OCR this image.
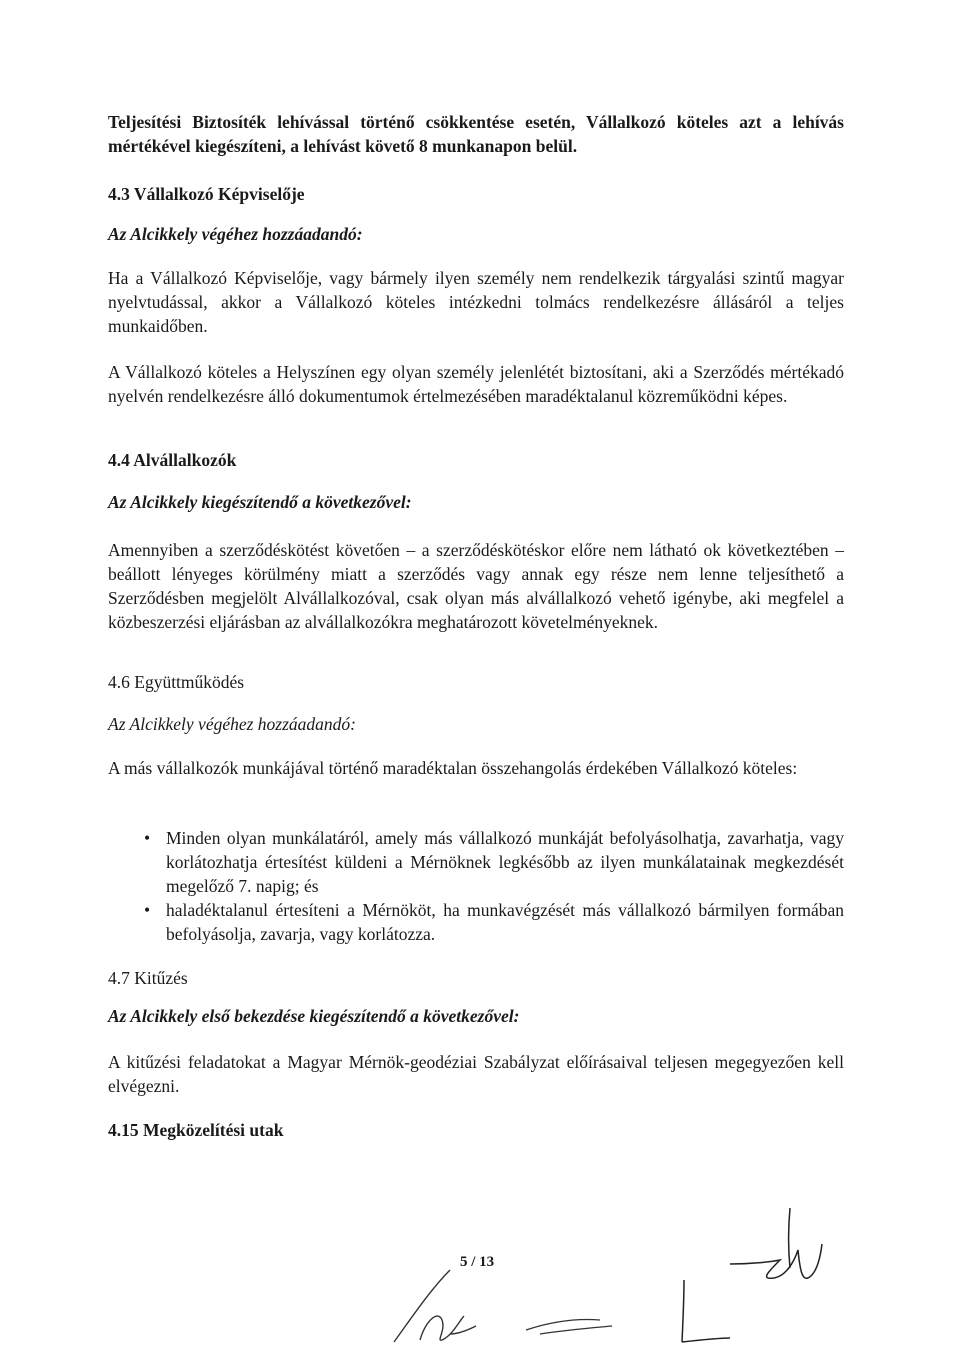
Teljesítési Biztosíték lehívással történő csökkentése esetén, Vállalkozó köteles azt a lehívás mértékével kiegészíteni, a lehívást követő 8 munkanapon belül.

4.3 Vállalkozó Képviselője

Az Alcikkely végéhez hozzáadandó:

Ha a Vállalkozó Képviselője, vagy bármely ilyen személy nem rendelkezik tárgyalási szintű magyar nyelvtudással, akkor a Vállalkozó köteles intézkedni tolmács rendelkezésre állásáról a teljes munkaidőben.

A Vállalkozó köteles a Helyszínen egy olyan személy jelenlétét biztosítani, aki a Szerződés mértékadó nyelvén rendelkezésre álló dokumentumok értelmezésében maradéktalanul közreműködni képes.

4.4 Alvállalkozók

Az Alcikkely kiegészítendő a következővel:

Amennyiben a szerződéskötést követően – a szerződéskötéskor előre nem látható ok következtében – beállott lényeges körülmény miatt a szerződés vagy annak egy része nem lenne teljesíthető a Szerződésben megjelölt Alvállalkozóval, csak olyan más alvállalkozó vehető igénybe, aki megfelel a közbeszerzési eljárásban az alvállalkozókra meghatározott követelményeknek.

4.6 Együttműködés

Az Alcikkely végéhez hozzáadandó:

A más vállalkozók munkájával történő maradéktalan összehangolás érdekében Vállalkozó köteles:

• Minden olyan munkálatáról, amely más vállalkozó munkáját befolyásolhatja, zavarhatja, vagy korlátozhatja értesítést küldeni a Mérnöknek legkésőbb az ilyen munkálatainak megkezdését megelőző 7. napig; és
• haladéktalanul értesíteni a Mérnököt, ha munkavégzését más vállalkozó bármilyen formában befolyásolja, zavarja, vagy korlátozza.

4.7 Kitűzés

Az Alcikkely első bekezdése kiegészítendő a következővel:

A kitűzési feladatokat a Magyar Mérnök-geodéziai Szabályzat előírásaival teljesen megegyezően kell elvégezni.

4.15 Megközelítési utak

5 / 13
